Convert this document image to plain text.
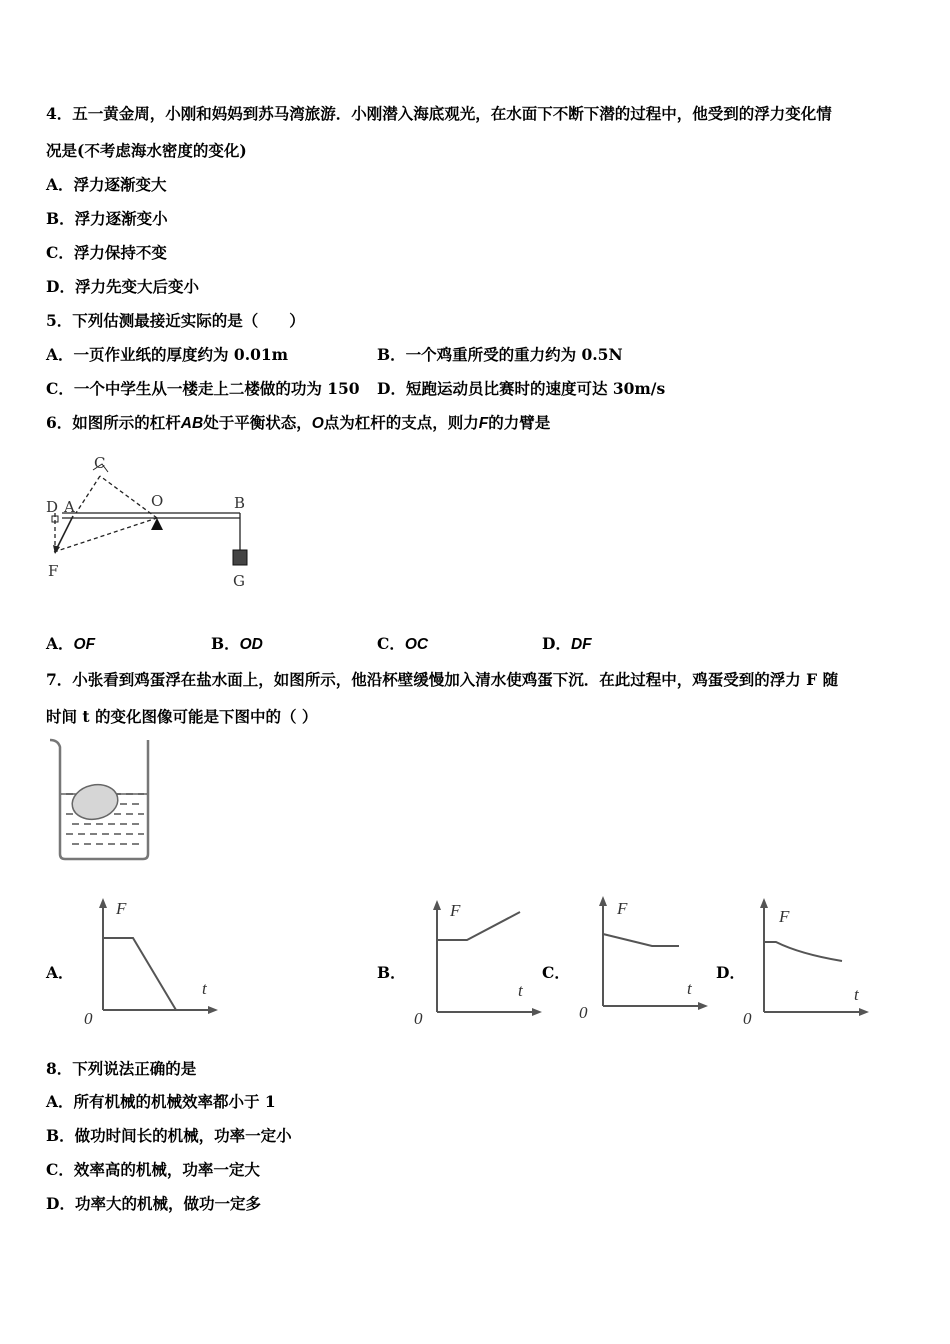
4．五一黄金周，小刚和妈妈到苏马湾旅游．小刚潜入海底观光，在水面下不断下潜的过程中，他受到的浮力变化情
况是(不考虑海水密度的变化)
A．浮力逐渐变大
B．浮力逐渐变小
C．浮力保持不变
D．浮力先变大后变小
5．下列估测最接近实际的是（　　）
A．一页作业纸的厚度约为 0.01m	B．一个鸡重所受的重力约为 0.5N
C．一个中学生从一楼走上二楼做的功为 150 D．短跑运动员比赛时的速度可达 30m/s
6．如图所示的杠杆AB处于平衡状态，O点为杠杆的支点，则力F的力臂是
C
D A	O	B
F
G
A．OF	B．OD	C．OC	D．DF
7．小张看到鸡蛋浮在盐水面上，如图所示，他沿杯壁缓慢加入清水使鸡蛋下沉．在此过程中，鸡蛋受到的浮力 F 随
时间 t 的变化图像可能是下图中的（ ）
A．	B．	C．	D．
F
t
0
F
t
0
F
t
0
F
t
0
8．下列说法正确的是
A．所有机械的机械效率都小于 1
B．做功时间长的机械，功率一定小
C．效率高的机械，功率一定大
D．功率大的机械，做功一定多
